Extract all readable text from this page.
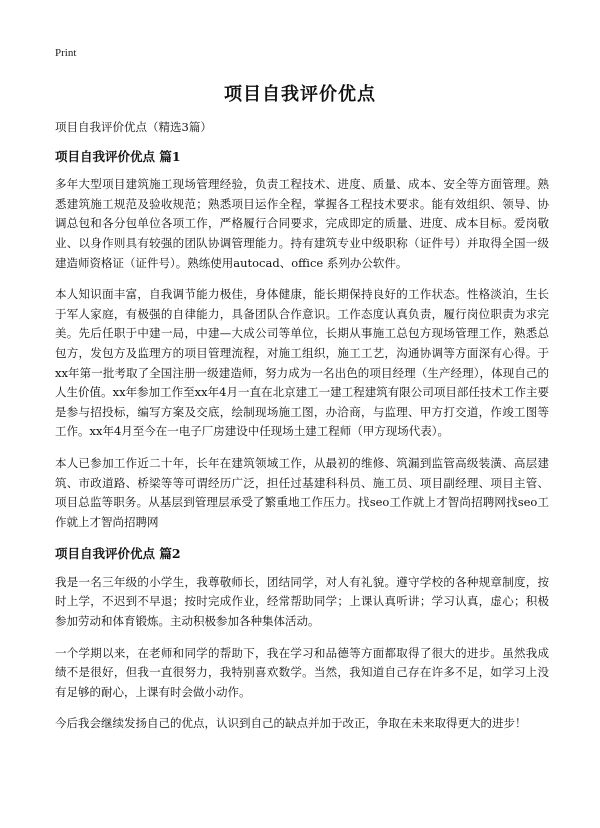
Print
项目自我评价优点

项目自我评价优点（精选3篇）

项目自我评价优点 篇1

多年大型项目建筑施工现场管理经验，负责工程技术、进度、质量、成本、安全等方面管理。熟悉建筑施工规范及验收规范；熟悉项目运作全程，掌握各工程技术要求。能有效组织、领导、协调总包和各分包单位各项工作，严格履行合同要求，完成即定的质量、进度、成本目标。爱岗敬业、以身作则具有较强的团队协调管理能力。持有建筑专业中级职称（证件号）并取得全国一级建造师资格证（证件号）。熟练使用autocad、office 系列办公软件。

本人知识面丰富，自我调节能力极佳，身体健康，能长期保持良好的工作状态。性格淡泊，生长于军人家庭，有极强的自律能力，具备团队合作意识。工作态度认真负责，履行岗位职责为求完美。先后任职于中建一局，中建—大成公司等单位，长期从事施工总包方现场管理工作，熟悉总包方，发包方及监理方的项目管理流程，对施工组织，施工工艺，沟通协调等方面深有心得。于xx年第一批考取了全国注册一级建造师，努力成为一名出色的项目经理（生产经理），体现自己的人生价值。xx年参加工作至xx年4月一直在北京建工一建工程建筑有限公司项目部任技术工作主要是参与招投标，编写方案及交底，绘制现场施工图，办洽商，与监理、甲方打交道，作竣工图等工作。xx年4月至今在一电子厂房建设中任现场土建工程师（甲方现场代表）。

本人已参加工作近二十年，长年在建筑领域工作，从最初的维修、筑漏到监管高级装潢、高层建筑、市政道路、桥梁等等可谓经历广泛，担任过基建科科员、施工员、项目副经理、项目主管、项目总监等职务。从基层到管理层承受了繁重地工作压力。找seo工作就上才智尚招聘网找seo工作就上才智尚招聘网

项目自我评价优点 篇2

我是一名三年级的小学生，我尊敬师长，团结同学，对人有礼貌。遵守学校的各种规章制度，按时上学，不迟到不早退；按时完成作业，经常帮助同学；上课认真听讲；学习认真，虚心；积极参加劳动和体育锻炼。主动积极参加各种集体活动。

一个学期以来，在老师和同学的帮助下，我在学习和品德等方面都取得了很大的进步。虽然我成绩不是很好，但我一直很努力，我特别喜欢数学。当然，我知道自己存在许多不足，如学习上没有足够的耐心，上课有时会做小动作。

今后我会继续发扬自己的优点，认识到自己的缺点并加于改正，争取在未来取得更大的进步！
